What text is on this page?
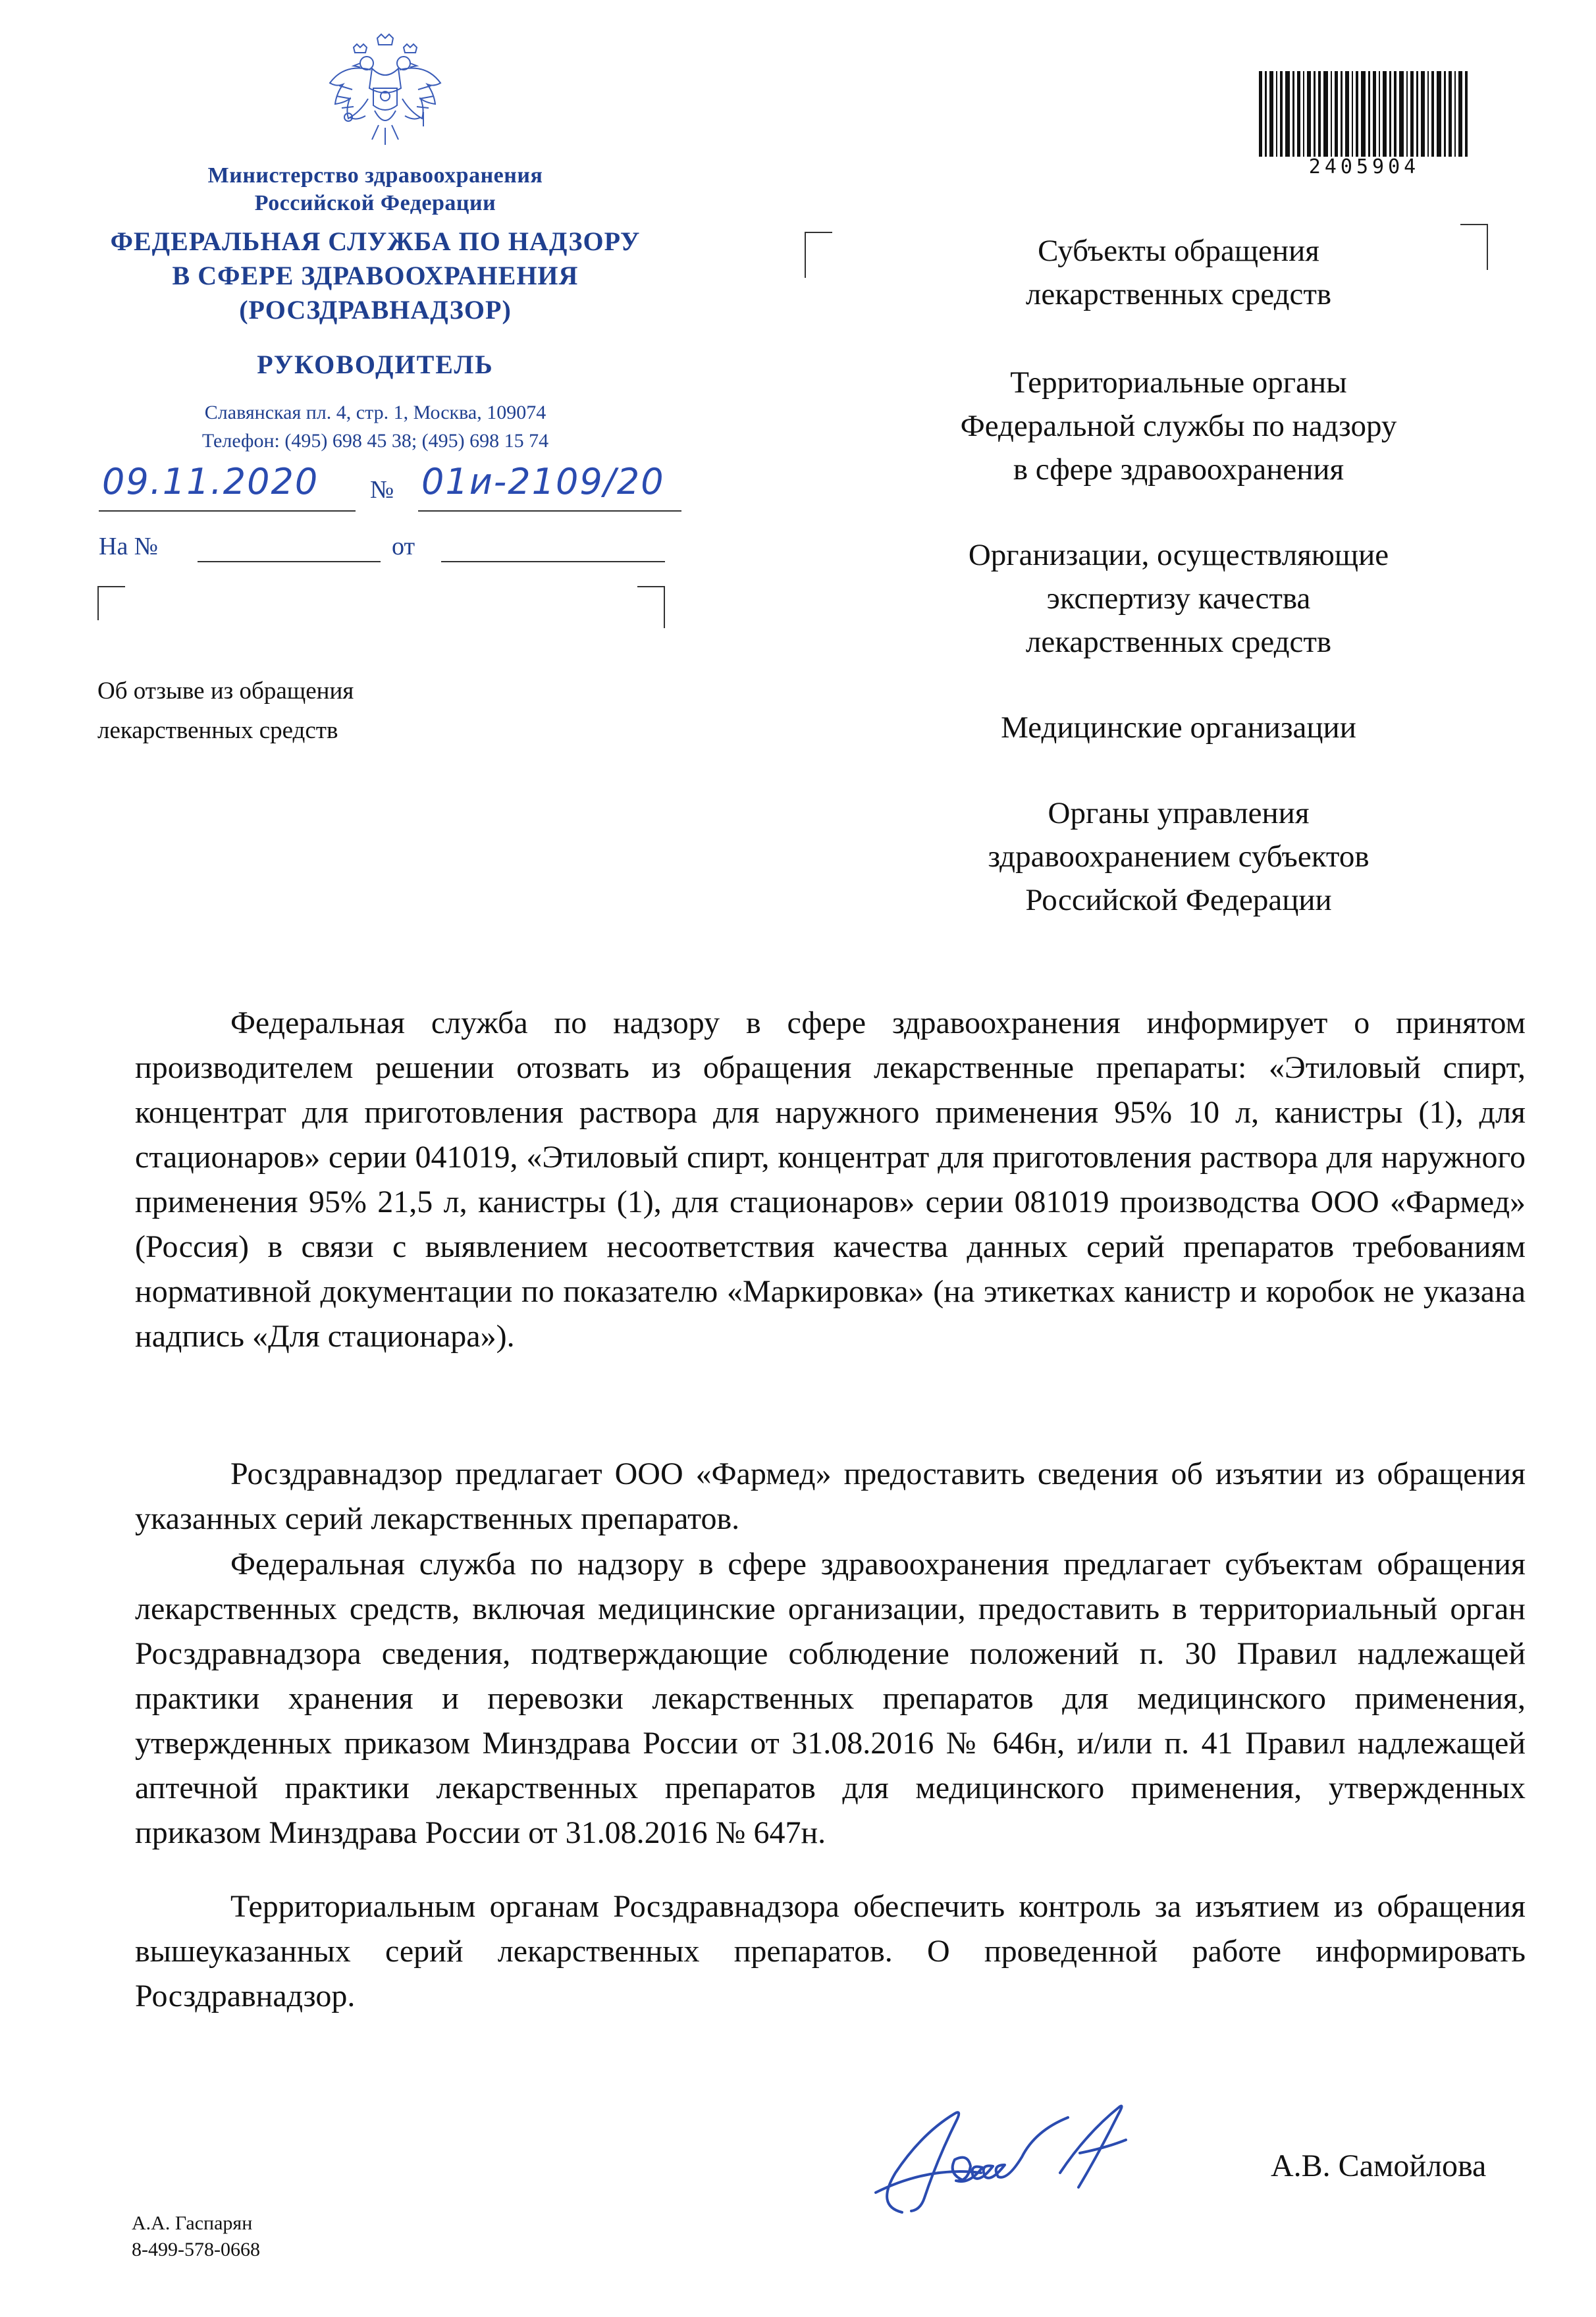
Министерство здравоохранения
Российской Федерации
ФЕДЕРАЛЬНАЯ СЛУЖБА ПО НАДЗОРУ
В СФЕРЕ ЗДРАВООХРАНЕНИЯ
(РОСЗДРАВНАДЗОР)
РУКОВОДИТЕЛЬ
Славянская пл. 4, стр. 1, Москва, 109074
Телефон: (495) 698 45 38; (495) 698 15 74
09.11.2020 № 01и-2109/20
На №	от
Об отзыве из обращения
лекарственных средств
2405904
Субъекты обращения
лекарственных средств
Территориальные органы
Федеральной службы по надзору
в сфере здравоохранения
Организации, осуществляющие
экспертизу качества
лекарственных средств
Медицинские организации
Органы управления
здравоохранением субъектов
Российской Федерации
Федеральная служба по надзору в сфере здравоохранения информирует о принятом производителем решении отозвать из обращения лекарственные препараты: «Этиловый спирт, концентрат для приготовления раствора для наружного применения 95% 10 л, канистры (1), для стационаров» серии 041019, «Этиловый спирт, концентрат для приготовления раствора для наружного применения 95% 21,5 л, канистры (1), для стационаров» серии 081019 производства ООО «Фармед» (Россия) в связи с выявлением несоответствия качества данных серий препаратов требованиям нормативной документации по показателю «Маркировка» (на этикетках канистр и коробок не указана надпись «Для стационара»).
Росздравнадзор предлагает ООО «Фармед» предоставить сведения об изъятии из обращения указанных серий лекарственных препаратов.
Федеральная служба по надзору в сфере здравоохранения предлагает субъектам обращения лекарственных средств, включая медицинские организации, предоставить в территориальный орган Росздравнадзора сведения, подтверждающие соблюдение положений п. 30 Правил надлежащей практики хранения и перевозки лекарственных препаратов для медицинского применения, утвержденных приказом Минздрава России от 31.08.2016 № 646н, и/или п. 41 Правил надлежащей аптечной практики лекарственных препаратов для медицинского применения, утвержденных приказом Минздрава России от 31.08.2016 № 647н.
Территориальным органам Росздравнадзора обеспечить контроль за изъятием из обращения вышеуказанных серий лекарственных препаратов. О проведенной работе информировать Росздравнадзор.
А.В. Самойлова
А.А. Гаспарян
8-499-578-0668
